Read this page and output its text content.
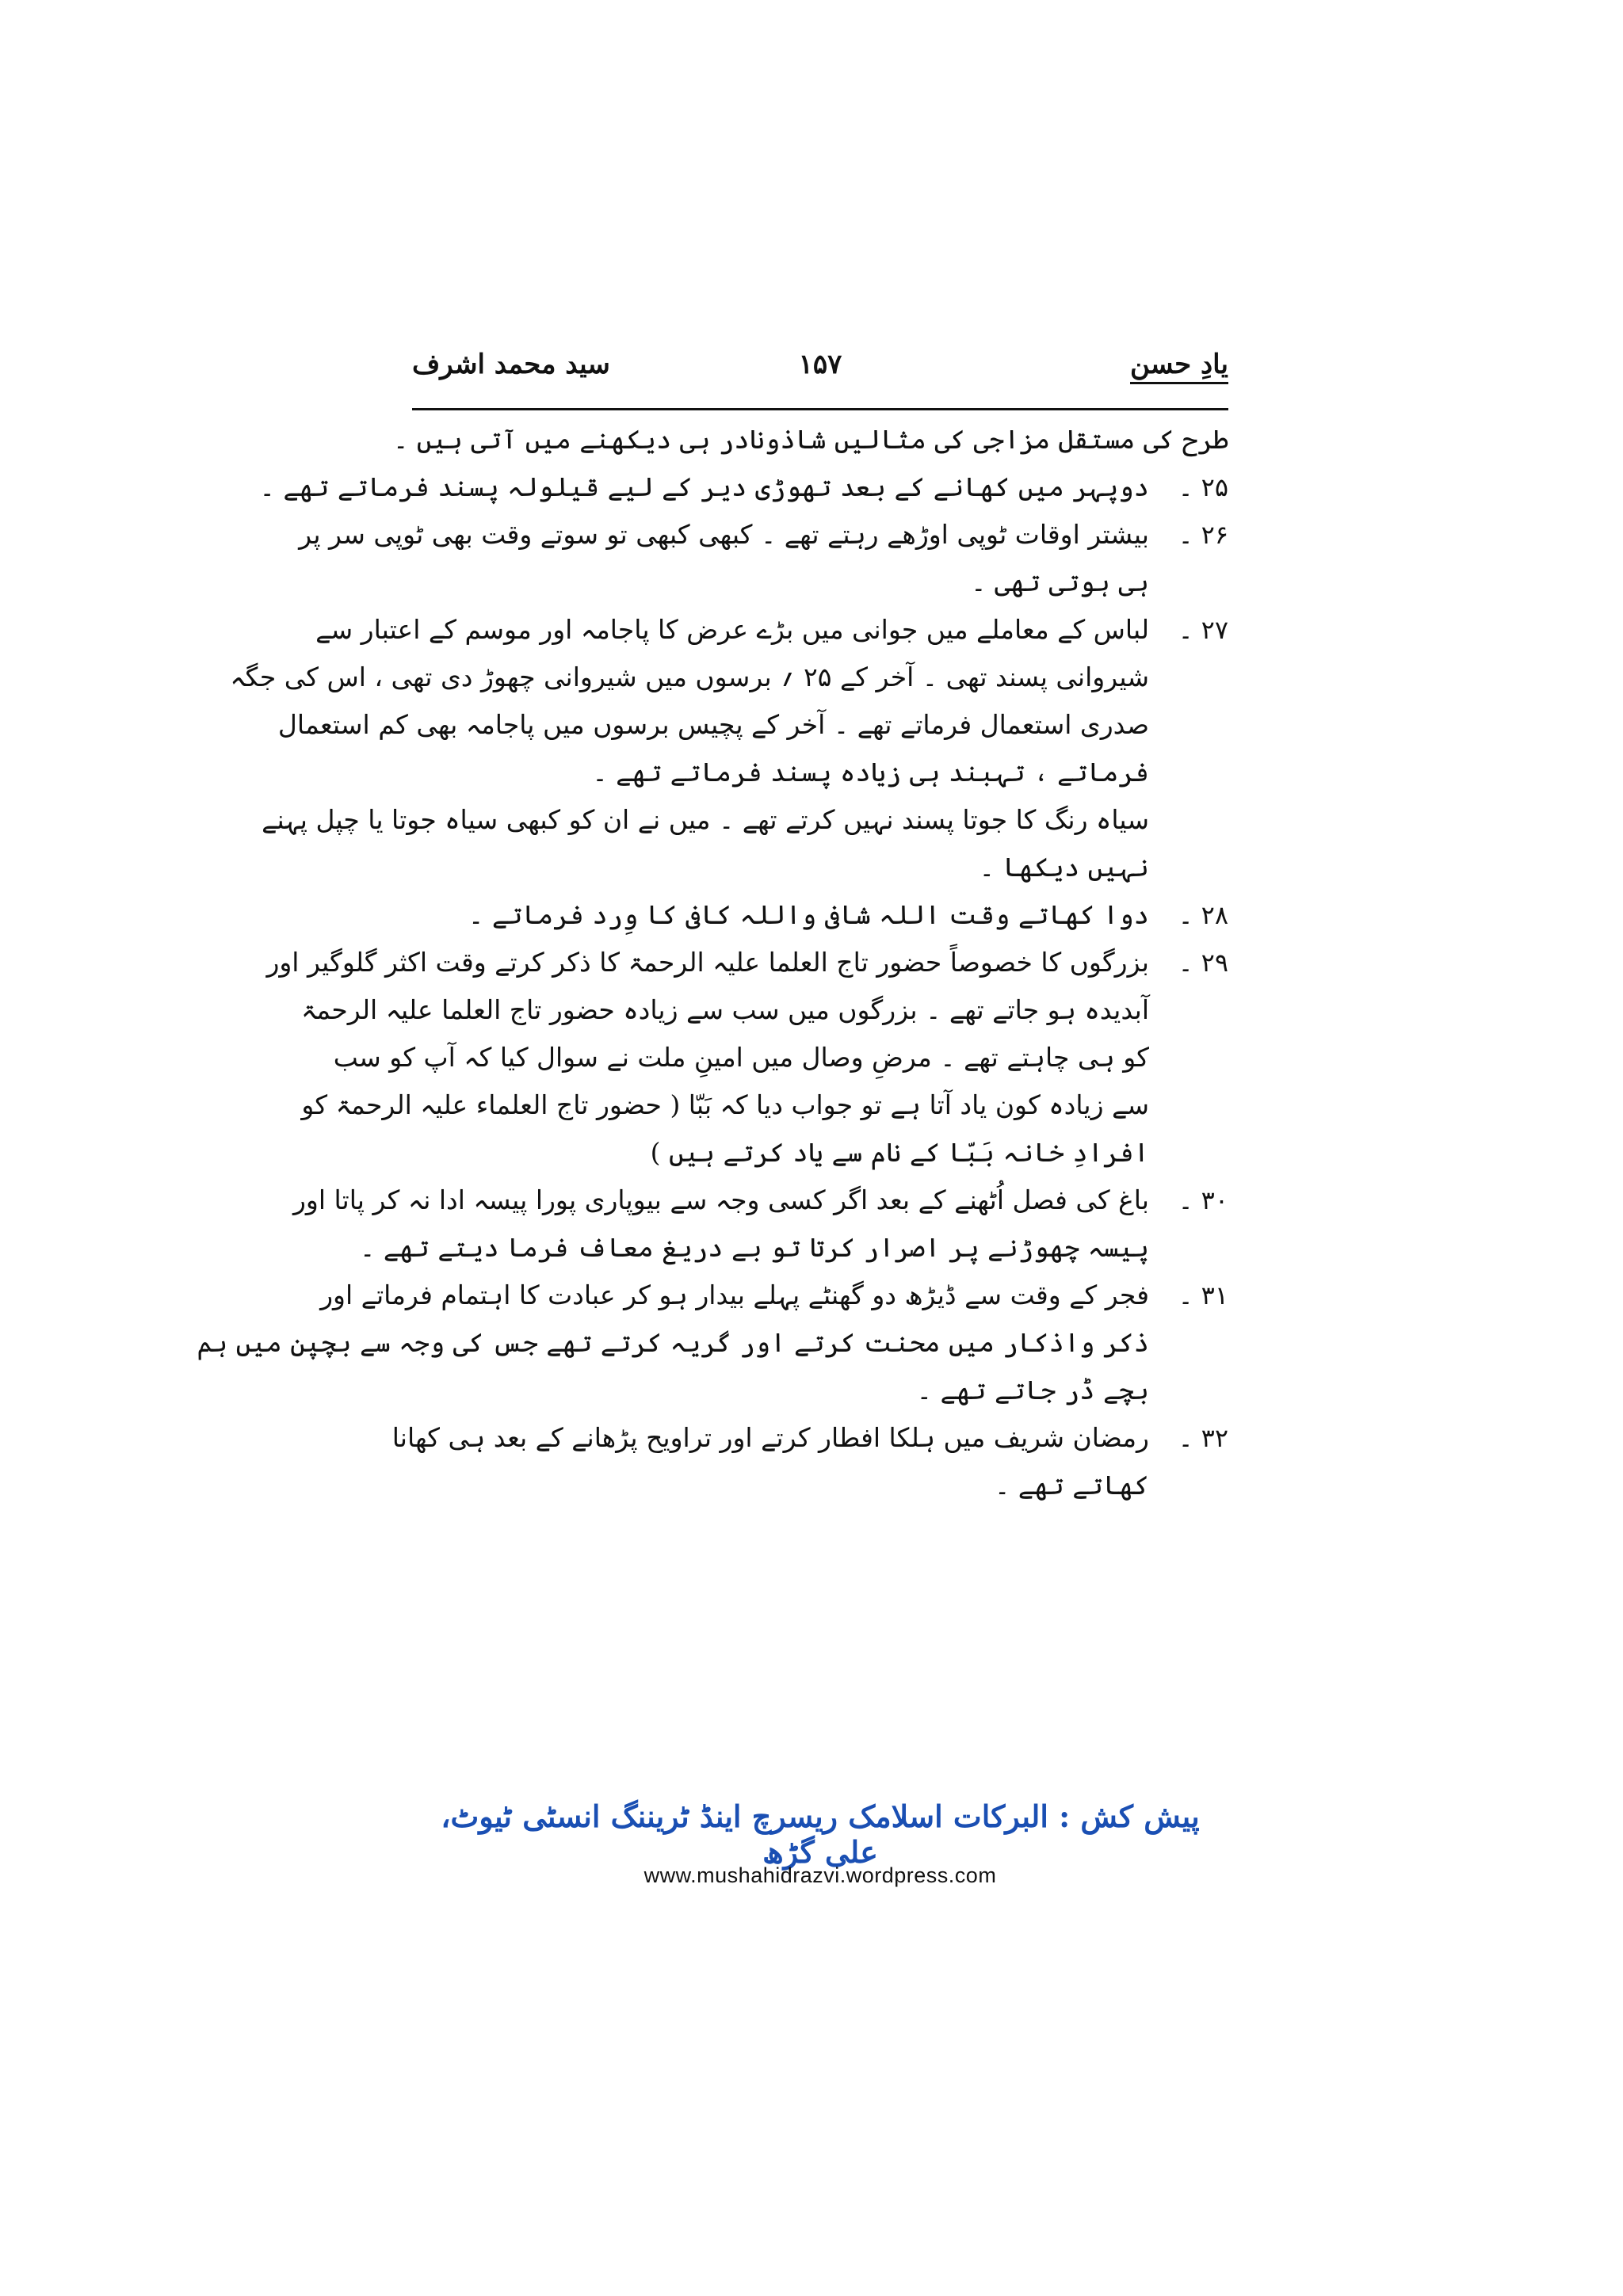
یادِ حسن
۱۵۷
سید محمد اشرف
طرح کی مستقل مزاجی کی مثالیں شاذونادر ہی دیکھنے میں آتی ہیں ۔
۲۵ ۔
دوپہر میں کھانے کے بعد تھوڑی دیر کے لیے قیلولہ پسند فرماتے تھے ۔
۲۶ ۔
بیشتر اوقات ٹوپی اوڑھے رہتے تھے ۔ کبھی کبھی تو سوتے وقت بھی ٹوپی سر پر
ہی ہوتی تھی ۔
۲۷ ۔
لباس کے معاملے میں جوانی میں بڑے عرض کا پاجامہ اور موسم کے اعتبار سے
شیروانی پسند تھی ۔ آخر کے ۲۵ ؍ برسوں میں شیروانی چھوڑ دی تھی ، اس کی جگہ
صدری استعمال فرماتے تھے ۔ آخر کے پچیس برسوں میں پاجامہ بھی کم استعمال
فرماتے ، تہبند ہی زیادہ پسند فرماتے تھے ۔
سیاہ رنگ کا جوتا پسند نہیں کرتے تھے ۔ میں نے ان کو کبھی سیاہ جوتا یا چپل پہنے
نہیں دیکھا ۔
۲۸ ۔
دوا کھاتے وقت اللہ شافی واللہ کافی کا وِرد فرماتے ۔
۲۹ ۔
بزرگوں کا خصوصاً حضور تاج العلما علیہ الرحمۃ کا ذکر کرتے وقت اکثر گلوگیر اور
آبدیدہ ہو جاتے تھے ۔ بزرگوں میں سب سے زیادہ حضور تاج العلما علیہ الرحمۃ
کو ہی چاہتے تھے ۔ مرضِ وصال میں امینِ ملت نے سوال کیا کہ آپ کو سب
سے زیادہ کون یاد آتا ہے تو جواب دیا کہ بَبّا ( حضور تاج العلماء علیہ الرحمۃ کو
افرادِ خانہ بَبّا کے نام سے یاد کرتے ہیں )
۳۰ ۔
باغ کی فصل اُٹھنے کے بعد اگر کسی وجہ سے بیوپاری پورا پیسہ ادا نہ کر پاتا اور
پیسہ چھوڑنے پر اصرار کرتا تو بے دریغ معاف فرما دیتے تھے ۔
۳۱ ۔
فجر کے وقت سے ڈیڑھ دو گھنٹے پہلے بیدار ہو کر عبادت کا اہتمام فرماتے اور
ذکر واذکار میں محنت کرتے اور گریہ کرتے تھے جس کی وجہ سے بچپن میں ہم
بچے ڈر جاتے تھے ۔
۳۲ ۔
رمضان شریف میں ہلکا افطار کرتے اور تراویح پڑھانے کے بعد ہی کھانا
کھاتے تھے ۔
پیش کش : البرکات اسلامک ریسرچ اینڈ ٹریننگ انسٹی ٹیوٹ، علی گڑھ
www.mushahidrazvi.wordpress.com
